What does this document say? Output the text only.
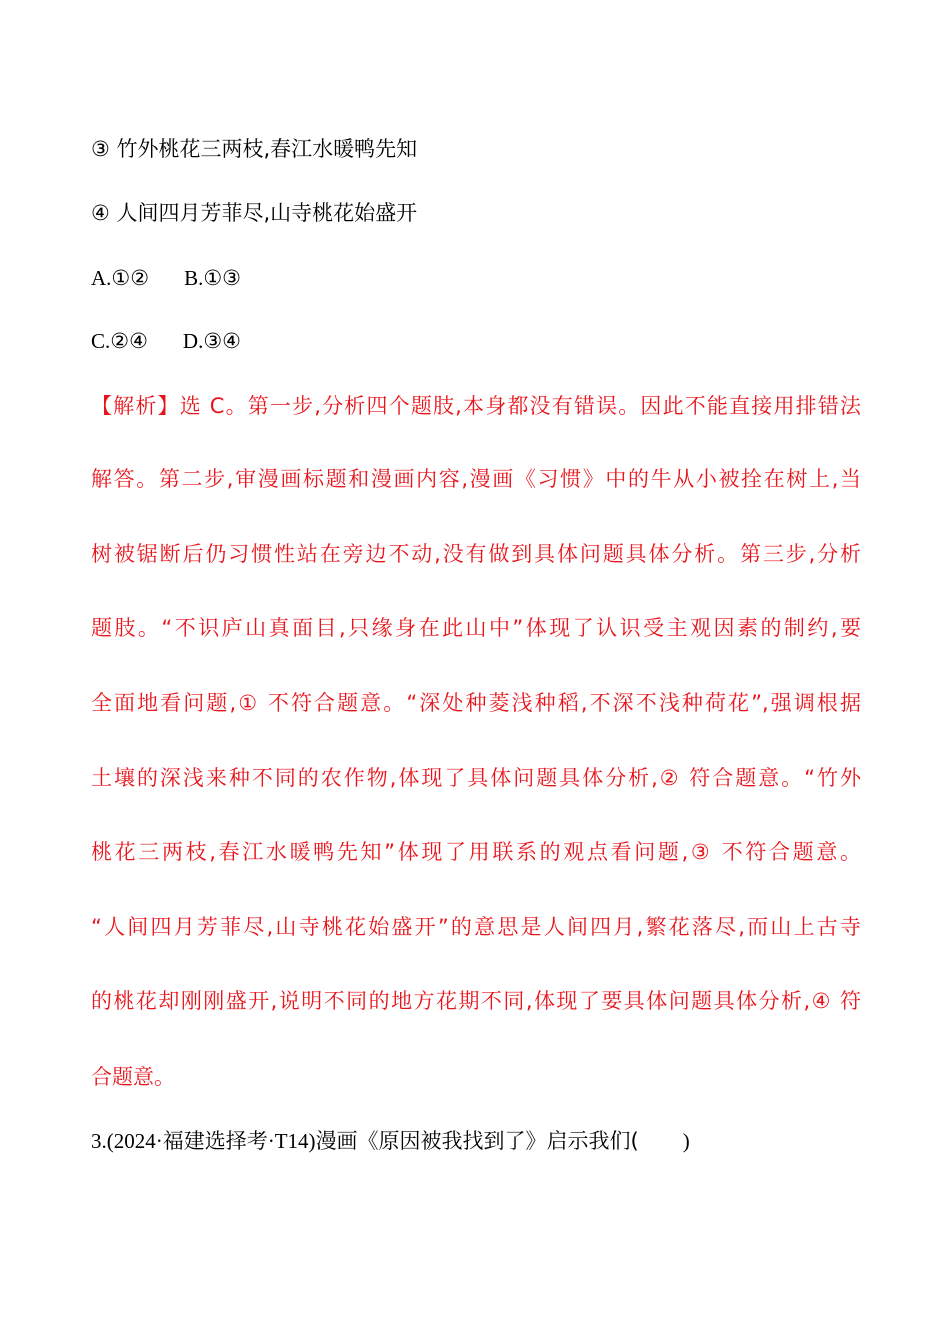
③ 竹外桃花三两枝,春江水暖鸭先知
④ 人间四月芳菲尽,山寺桃花始盛开
A.①② B.①③
C.②④ D.③④
【解析】选 C。第一步,分析四个题肢,本身都没有错误。因此不能直接用排错法
解答。第二步,审漫画标题和漫画内容,漫画《习惯》中的牛从小被拴在树上,当
树被锯断后仍习惯性站在旁边不动,没有做到具体问题具体分析。第三步,分析
题肢。“不识庐山真面目,只缘身在此山中”体现了认识受主观因素的制约,要
全面地看问题,① 不符合题意。“深处种菱浅种稻,不深不浅种荷花”,强调根据
土壤的深浅来种不同的农作物,体现了具体问题具体分析,② 符合题意。“竹外
桃花三两枝,春江水暖鸭先知”体现了用联系的观点看问题,③ 不符合题意。
“人间四月芳菲尽,山寺桃花始盛开”的意思是人间四月,繁花落尽,而山上古寺
的桃花却刚刚盛开,说明不同的地方花期不同,体现了要具体问题具体分析,④ 符
合题意。
3.(2024·福建选择考·T14)漫画《原因被我找到了》启示我们( )
